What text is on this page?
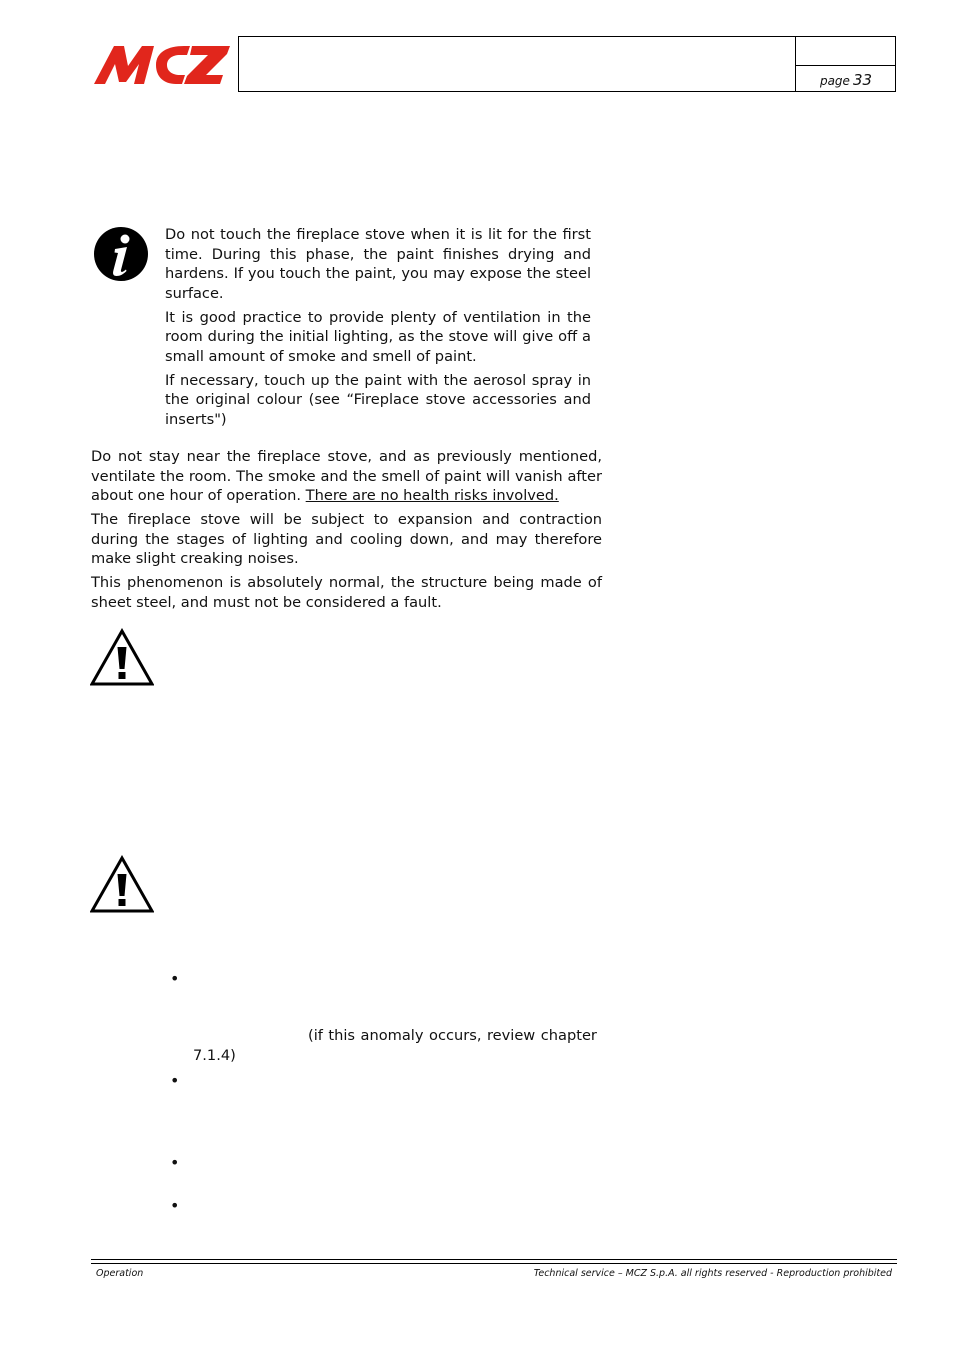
page 33

Do not touch the fireplace stove when it is lit for the first time. During this phase, the paint finishes drying and hardens. If you touch the paint, you may expose the steel surface.

It is good practice to provide plenty of ventilation in the room during the initial lighting, as the stove will give off a small amount of smoke and smell of paint.

If necessary, touch up the paint with the aerosol spray in the original colour (see “Fireplace stove accessories and inserts")

Do not stay near the fireplace stove, and as previously mentioned, ventilate the room. The smoke and the smell of paint will vanish after about one hour of operation. There are no health risks involved.

The fireplace stove will be subject to expansion and contraction during the stages of lighting and cooling down, and may therefore make slight creaking noises.

This phenomenon is absolutely normal, the structure being made of sheet steel, and must not be considered a fault.

•
•
•
•
(if this anomaly occurs, review chapter
7.1.4)
Operation	Technical service – MCZ S.p.A. all rights reserved - Reproduction prohibited
